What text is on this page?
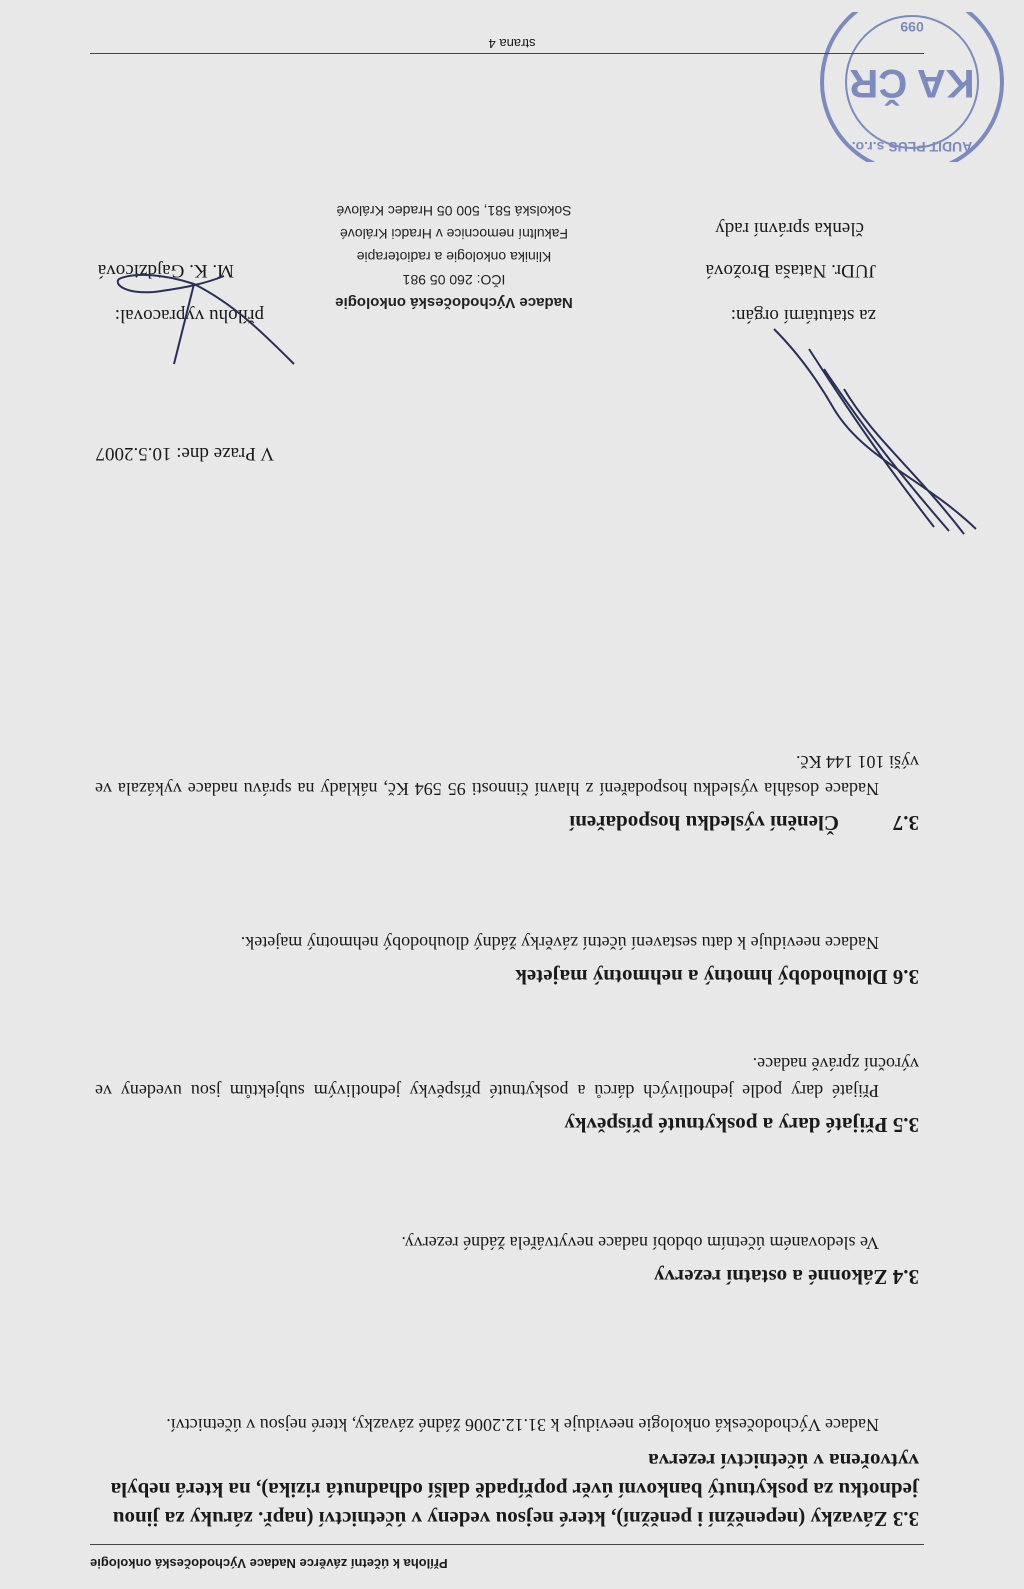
Příloha k účetní závěrce Nadace Východočeská onkologie
3.3 Závazky (nepeněžní i peněžní), které nejsou vedeny v účetnictví (např. záruky za jinou jednotku za poskytnutý bankovní úvěr popřípadě další odhadnutá rizika), na která nebyla vytvořena v účetnictví rezerva
Nadace Východočeská onkologie neeviduje k 31.12.2006 žádné závazky, které nejsou v účetnictví.
3.4 Zákonné a ostatní rezervy
Ve sledovaném účetním období nadace nevytvářela žádné rezervy.
3.5 Přijaté dary a poskytnuté příspěvky
Přijaté dary podle jednotlivých dárců a poskytnuté příspěvky jednotlivým subjektům jsou uvedeny ve výroční zprávě nadace.
3.6 Dlouhodobý hmotný a nehmotný majetek
Nadace neeviduje k datu sestavení účetní závěrky žádný dlouhodobý nehmotný majetek.
3.7Členění výsledku hospodaření
Nadace dosáhla výsledku hospodaření z hlavní činnosti 95 594 Kč, náklady na správu nadace vykázala ve výši 101 144 Kč.
V Praze dne: 10.5.2007
za statutární orgán:
přílohu vypracoval:
JUDr. Nataša Brožová
M. K. Gajdzicová
členka správní rady
Nadace Východočeská onkologie
IČO: 260 05 981
Klinika onkologie a radioterapie
Fakultní nemocnice v Hradci Králové
Sokolská 581, 500 05 Hradec Králové
KA ČR
AUDIT PLUS s.r.o.
099
strana 4
